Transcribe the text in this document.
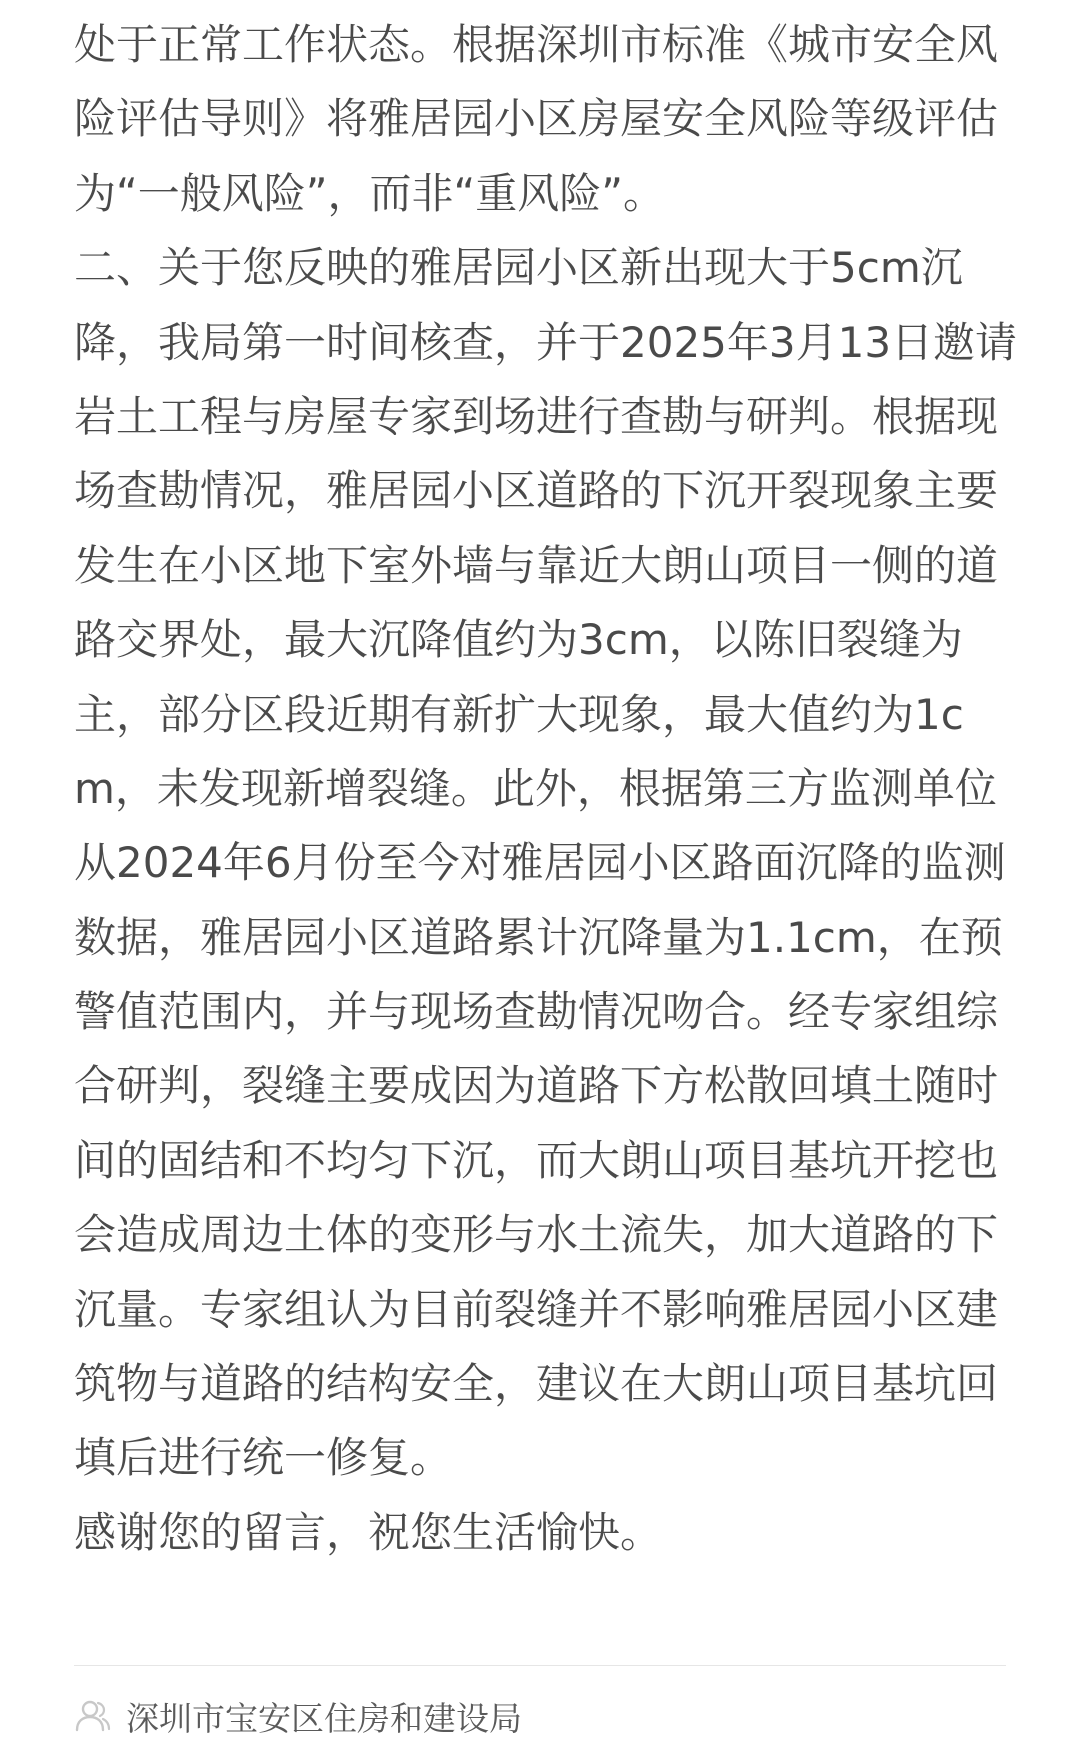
处于正常工作状态。根据深圳市标准《城市安全风
险评估导则》将雅居园小区房屋安全风险等级评估
为“一般风险”，而非“重风险”。
二、关于您反映的雅居园小区新出现大于5cm沉
降，我局第一时间核查，并于2025年3月13日邀请
岩土工程与房屋专家到场进行查勘与研判。根据现
场查勘情况，雅居园小区道路的下沉开裂现象主要
发生在小区地下室外墙与靠近大朗山项目一侧的道
路交界处，最大沉降值约为3cm，以陈旧裂缝为
主，部分区段近期有新扩大现象，最大值约为1c
m，未发现新增裂缝。此外，根据第三方监测单位
从2024年6月份至今对雅居园小区路面沉降的监测
数据，雅居园小区道路累计沉降量为1.1cm，在预
警值范围内，并与现场查勘情况吻合。经专家组综
合研判，裂缝主要成因为道路下方松散回填土随时
间的固结和不均匀下沉，而大朗山项目基坑开挖也
会造成周边土体的变形与水土流失，加大道路的下
沉量。专家组认为目前裂缝并不影响雅居园小区建
筑物与道路的结构安全，建议在大朗山项目基坑回
填后进行统一修复。
感谢您的留言，祝您生活愉快。
深圳市宝安区住房和建设局
